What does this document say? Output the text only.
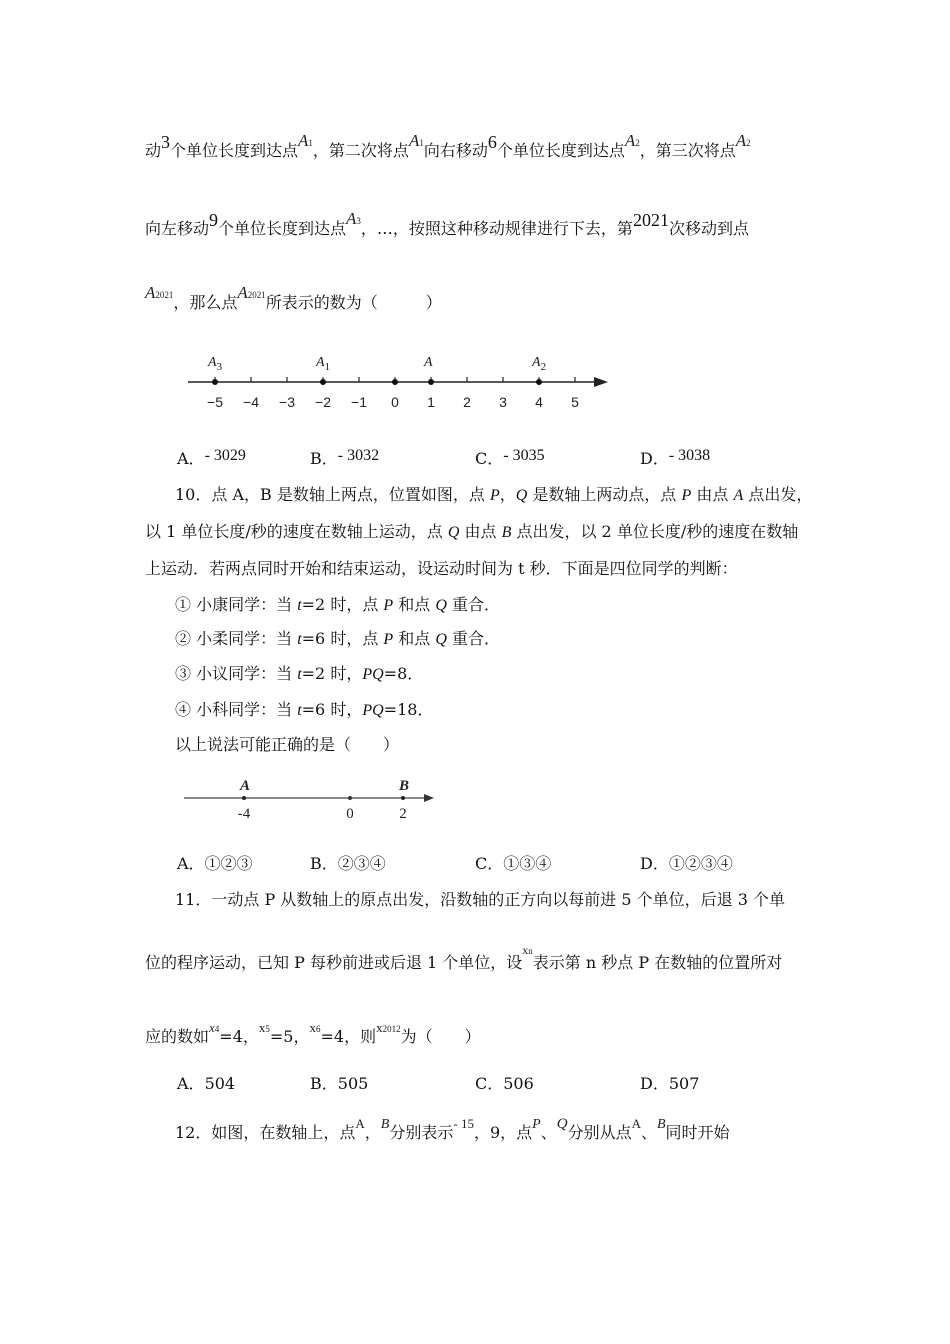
动3个单位长度到达点A1，第二次将点A1向右移动6个单位长度到达点A2，第三次将点A2
向左移动9个单位长度到达点A3，…，按照这种移动规律进行下去，第2021次移动到点
A2021，那么点A2021所表示的数为（　　　）
−5 −4 −3 −2 −1 0 1 2 3 4 5
$A_3$	$A_1$	A	$A_2$
A．- 3029	B．- 3032	C．- 3035	D．- 3038
10．点 A，B 是数轴上两点，位置如图，点 P，Q 是数轴上两动点，点 P 由点 A 点出发，
以 1 单位长度/秒的速度在数轴上运动，点 Q 由点 B 点出发，以 2 单位长度/秒的速度在数轴
上运动．若两点同时开始和结束运动，设运动时间为 t 秒．下面是四位同学的判断：
① 小康同学：当 t=2 时，点 P 和点 Q 重合．
② 小柔同学：当 t=6 时，点 P 和点 Q 重合．
③ 小议同学：当 t=2 时，PQ=8．
④ 小科同学：当 t=6 时，PQ=18．
以上说法可能正确的是（　　）
-4	0	2
A	B
A．①②③	B．②③④	C．①③④	D．①②③④
11．一动点 P 从数轴上的原点出发，沿数轴的正方向以每前进 5 个单位，后退 3 个单
位的程序运动，已知 P 每秒前进或后退 1 个单位，设$^{xn}$表示第 n 秒点 P 在数轴的位置所对
应的数如$^{x4}$=4，$^{x5}$=5，$^{x6}$=4，则$^{x2012}$为（　　）
A．504	B．505	C．506	D．507
12．如图，在数轴上，点$^A$，B分别表示$^{- 15}$，9，点P、Q分别从点$^A$、B同时开始
